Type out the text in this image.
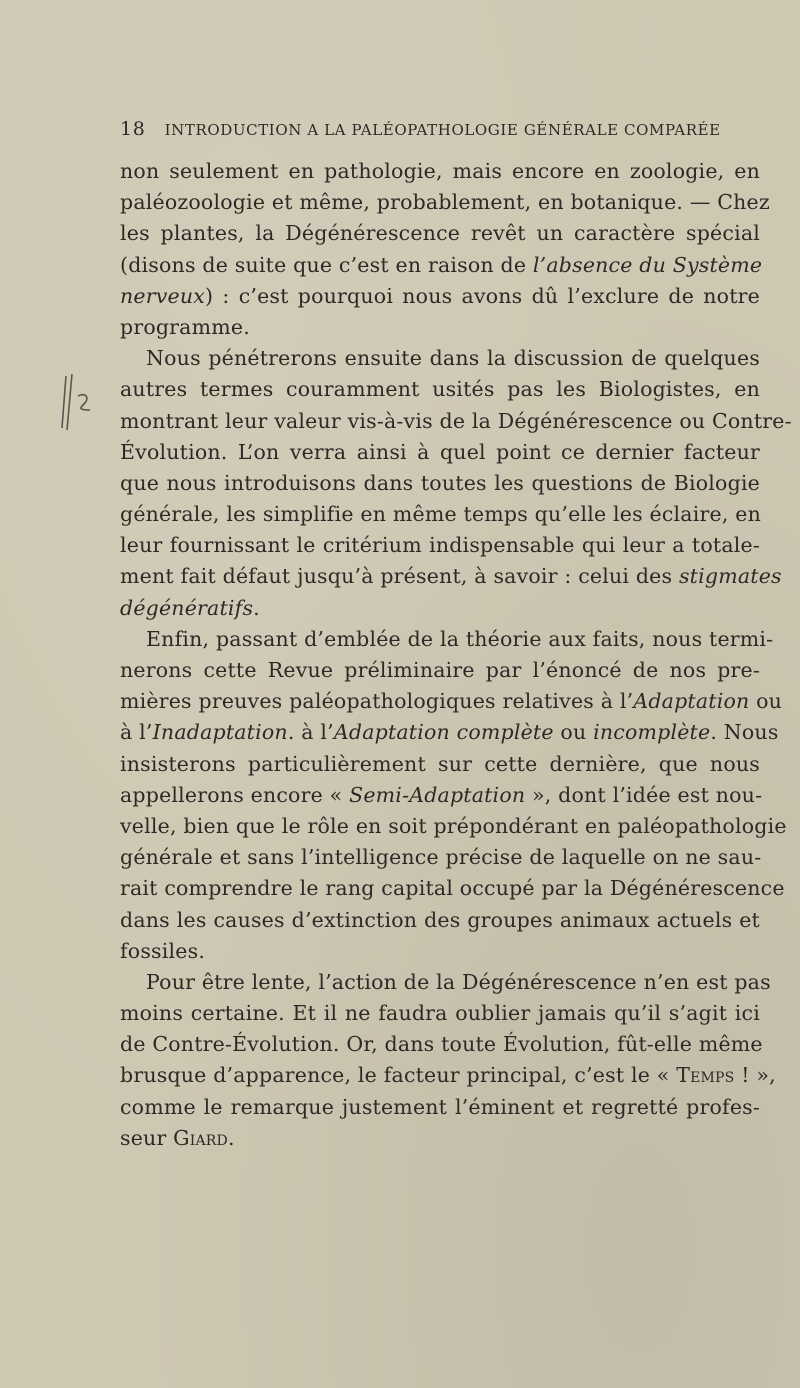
18 INTRODUCTION A LA PALÉOPATHOLOGIE GÉNÉRALE COMPARÉE
non seulement en pathologie, mais encore en zoologie, en
paléozoologie et même, probablement, en botanique. — Chez
les plantes, la Dégénérescence revêt un caractère spécial
(disons de suite que c’est en raison de l’absence du Système
nerveux) : c’est pourquoi nous avons dû l’exclure de notre
programme.
Nous pénétrerons ensuite dans la discussion de quelques
autres termes couramment usités pas les Biologistes, en
montrant leur valeur vis-à-vis de la Dégénérescence ou Contre-
Évolution. L’on verra ainsi à quel point ce dernier facteur
que nous introduisons dans toutes les questions de Biologie
générale, les simplifie en même temps qu’elle les éclaire, en
leur fournissant le critérium indispensable qui leur a totale-
ment fait défaut jusqu’à présent, à savoir : celui des stigmates
dégénératifs.
Enfin, passant d’emblée de la théorie aux faits, nous termi-
nerons cette Revue préliminaire par l’énoncé de nos pre-
mières preuves paléopathologiques relatives à l’Adaptation ou
à l’Inadaptation. à l’Adaptation complète ou incomplète. Nous
insisterons particulièrement sur cette dernière, que nous
appellerons encore « Semi-Adaptation », dont l’idée est nou-
velle, bien que le rôle en soit prépondérant en paléopathologie
générale et sans l’intelligence précise de laquelle on ne sau-
rait comprendre le rang capital occupé par la Dégénérescence
dans les causes d’extinction des groupes animaux actuels et
fossiles.
Pour être lente, l’action de la Dégénérescence n’en est pas
moins certaine. Et il ne faudra oublier jamais qu’il s’agit ici
de Contre-Évolution. Or, dans toute Évolution, fût-elle même
brusque d’apparence, le facteur principal, c’est le « Temps ! »,
comme le remarque justement l’éminent et regretté profes-
seur Giard.
